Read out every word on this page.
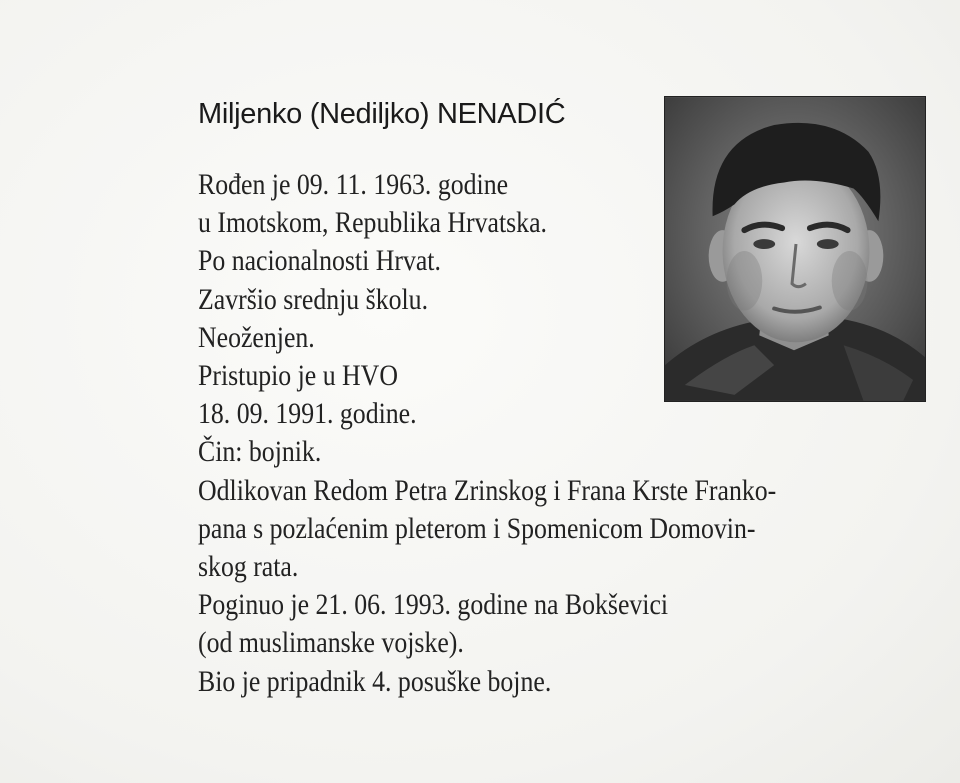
Miljenko (Nediljko) NENADIĆ
Rođen je 09. 11. 1963. godine
u Imotskom, Republika Hrvatska.
Po nacionalnosti Hrvat.
Završio srednju školu.
Neoženjen.
Pristupio je u HVO
18. 09. 1991. godine.
Čin: bojnik.
Odlikovan Redom Petra Zrinskog i Frana Krste Franko-
pana s pozlaćenim pleterom i Spomenicom Domovin-
skog rata.
Poginuo je 21. 06. 1993. godine na Bokševici
(od muslimanske vojske).
Bio je pripadnik 4. posuške bojne.
